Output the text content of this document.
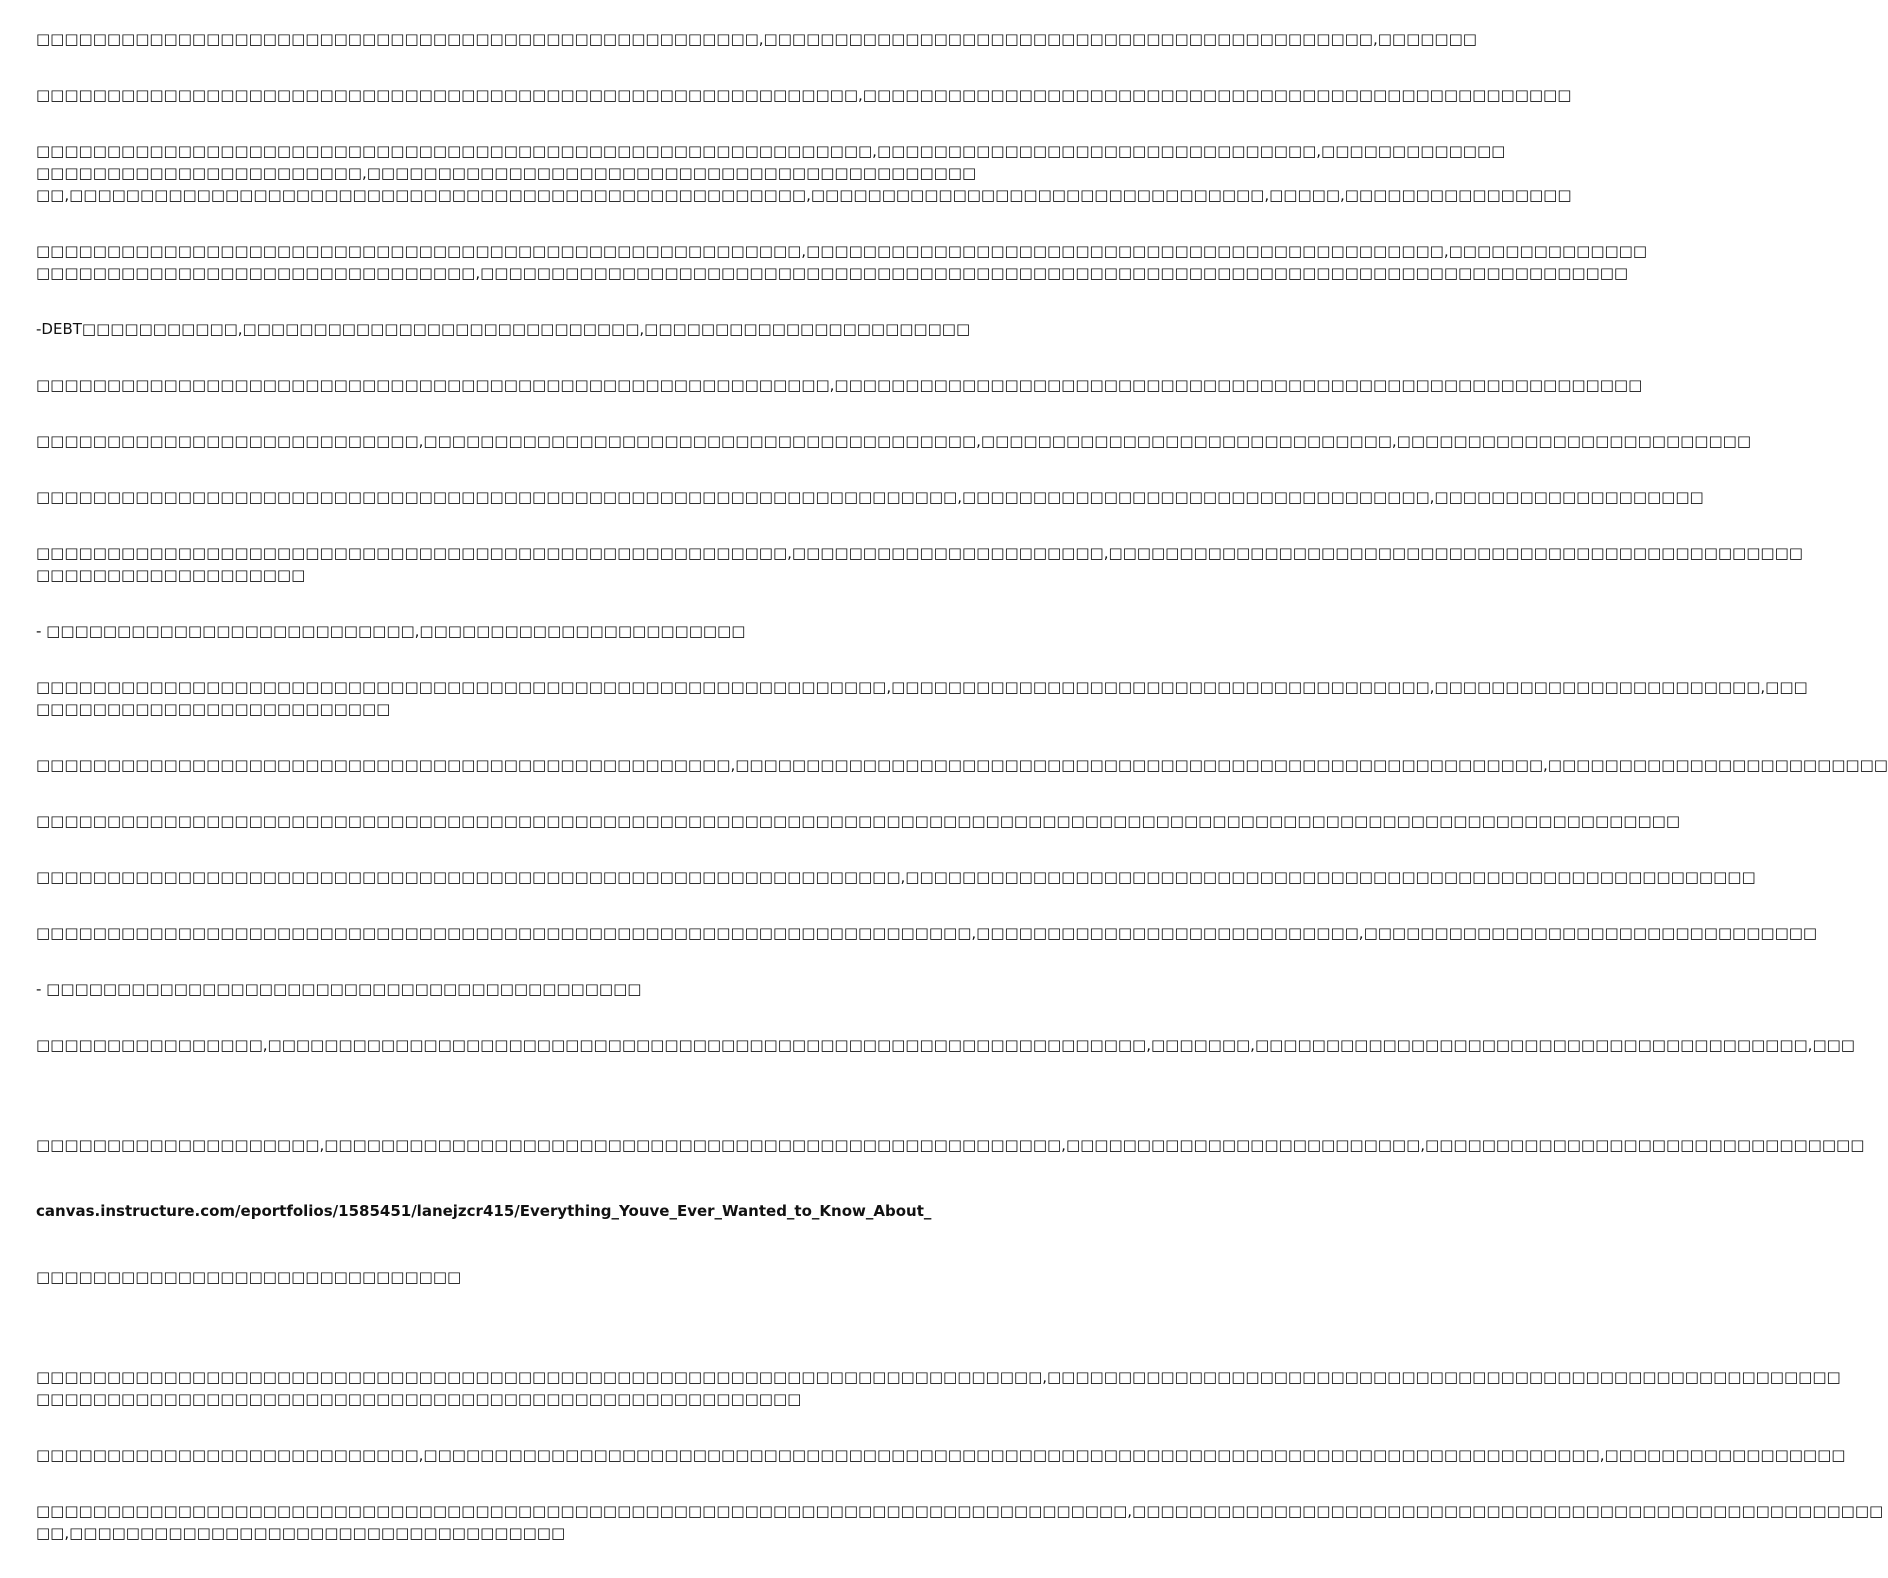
□□□□□□□□□□□□□□□□□□□□□□□□□□□□□□□□□□□□□□□□□□□□□□□□□□□,□□□□□□□□□□□□□□□□□□□□□□□□□□□□□□□□□□□□□□□□□□□,□□□□□□□
□□□□□□□□□□□□□□□□□□□□□□□□□□□□□□□□□□□□□□□□□□□□□□□□□□□□□□□□□□,□□□□□□□□□□□□□□□□□□□□□□□□□□□□□□□□□□□□□□□□□□□□□□□□□□
□□□□□□□□□□□□□□□□□□□□□□□□□□□□□□□□□□□□□□□□□□□□□□□□□□□□□□□□□□□,□□□□□□□□□□□□□□□□□□□□□□□□□□□□□□□,□□□□□□□□□□□□□
□□□□□□□□□□□□□□□□□□□□□□□,□□□□□□□□□□□□□□□□□□□□□□□□□□□□□□□□□□□□□□□□□□□
□□,□□□□□□□□□□□□□□□□□□□□□□□□□□□□□□□□□□□□□□□□□□□□□□□□□□□□,□□□□□□□□□□□□□□□□□□□□□□□□□□□□□□□□,□□□□□,□□□□□□□□□□□□□□□□
□□□□□□□□□□□□□□□□□□□□□□□□□□□□□□□□□□□□□□□□□□□□□□□□□□□□□□,□□□□□□□□□□□□□□□□□□□□□□□□□□□□□□□□□□□□□□□□□□□□□,□□□□□□□□□□□□□□
□□□□□□□□□□□□□□□□□□□□□□□□□□□□□□□,□□□□□□□□□□□□□□□□□□□□□□□□□□□□□□□□□□□□□□□□□□□□□□□□□□□□□□□□□□□□□□□□□□□□□□□□□□□□□□□□□
-DEBT□□□□□□□□□□□,□□□□□□□□□□□□□□□□□□□□□□□□□□□□,□□□□□□□□□□□□□□□□□□□□□□□
□□□□□□□□□□□□□□□□□□□□□□□□□□□□□□□□□□□□□□□□□□□□□□□□□□□□□□□□,□□□□□□□□□□□□□□□□□□□□□□□□□□□□□□□□□□□□□□□□□□□□□□□□□□□□□□□□□
□□□□□□□□□□□□□□□□□□□□□□□□□□□,□□□□□□□□□□□□□□□□□□□□□□□□□□□□□□□□□□□□□□□,□□□□□□□□□□□□□□□□□□□□□□□□□□□□□,□□□□□□□□□□□□□□□□□□□□□□□□□
□□□□□□□□□□□□□□□□□□□□□□□□□□□□□□□□□□□□□□□□□□□□□□□□□□□□□□□□□□□□□□□□□,□□□□□□□□□□□□□□□□□□□□□□□□□□□□□□□□□,□□□□□□□□□□□□□□□□□□□
□□□□□□□□□□□□□□□□□□□□□□□□□□□□□□□□□□□□□□□□□□□□□□□□□□□□□,□□□□□□□□□□□□□□□□□□□□□□,□□□□□□□□□□□□□□□□□□□□□□□□□□□□□□□□□□□□□□□□□□□□□□□□□
□□□□□□□□□□□□□□□□□□□
- □□□□□□□□□□□□□□□□□□□□□□□□□□,□□□□□□□□□□□□□□□□□□□□□□□
□□□□□□□□□□□□□□□□□□□□□□□□□□□□□□□□□□□□□□□□□□□□□□□□□□□□□□□□□□□□,□□□□□□□□□□□□□□□□□□□□□□□□□□□□□□□□□□□□□□,□□□□□□□□□□□□□□□□□□□□□□□,□□□
□□□□□□□□□□□□□□□□□□□□□□□□□
□□□□□□□□□□□□□□□□□□□□□□□□□□□□□□□□□□□□□□□□□□□□□□□□□,□□□□□□□□□□□□□□□□□□□□□□□□□□□□□□□□□□□□□□□□□□□□□□□□□□□□□□□□□,□□□□□□□□□□□□□□□□□□□□□□□□
□□□□□□□□□□□□□□□□□□□□□□□□□□□□□□□□□□□□□□□□□□□□□□□□□□□□□□□□□□□□□□□□□□□□□□□□□□□□□□□□□□□□□□□□□□□□□□□□□□□□□□□□□□□□□□□□□□□□
□□□□□□□□□□□□□□□□□□□□□□□□□□□□□□□□□□□□□□□□□□□□□□□□□□□□□□□□□□□□□,□□□□□□□□□□□□□□□□□□□□□□□□□□□□□□□□□□□□□□□□□□□□□□□□□□□□□□□□□□□□
□□□□□□□□□□□□□□□□□□□□□□□□□□□□□□□□□□□□□□□□□□□□□□□□□□□□□□□□□□□□□□□□□□,□□□□□□□□□□□□□□□□□□□□□□□□□□□,□□□□□□□□□□□□□□□□□□□□□□□□□□□□□□□□
- □□□□□□□□□□□□□□□□□□□□□□□□□□□□□□□□□□□□□□□□□□
□□□□□□□□□□□□□□□□,□□□□□□□□□□□□□□□□□□□□□□□□□□□□□□□□□□□□□□□□□□□□□□□□□□□□□□□□□□□□□□,□□□□□□□,□□□□□□□□□□□□□□□□□□□□□□□□□□□□□□□□□□□□□□□,□□□

□□□□□□□□□□□□□□□□□□□□,□□□□□□□□□□□□□□□□□□□□□□□□□□□□□□□□□□□□□□□□□□□□□□□□□□□□,□□□□□□□□□□□□□□□□□□□□□□□□□,□□□□□□□□□□□□□□□□□□□□□□□□□□□□□□□

canvas.instructure.com/eportfolios/1585451/lanejzcr415/Everything_Youve_Ever_Wanted_to_Know_About_

□□□□□□□□□□□□□□□□□□□□□□□□□□□□□□

□□□□□□□□□□□□□□□□□□□□□□□□□□□□□□□□□□□□□□□□□□□□□□□□□□□□□□□□□□□□□□□□□□□□□□□,□□□□□□□□□□□□□□□□□□□□□□□□□□□□□□□□□□□□□□□□□□□□□□□□□□□□□□□□
□□□□□□□□□□□□□□□□□□□□□□□□□□□□□□□□□□□□□□□□□□□□□□□□□□□□□□
□□□□□□□□□□□□□□□□□□□□□□□□□□□,□□□□□□□□□□□□□□□□□□□□□□□□□□□□□□□□□□□□□□□□□□□□□□□□□□□□□□□□□□□□□□□□□□□□□□□□□□□□□□□□□□□,□□□□□□□□□□□□□□□□□
□□□□□□□□□□□□□□□□□□□□□□□□□□□□□□□□□□□□□□□□□□□□□□□□□□□□□□□□□□□□□□□□□□□□□□□□□□□□□,□□□□□□□□□□□□□□□□□□□□□□□□□□□□□□□□□□□□□□□□□□□□□□□□□□□□□
□□,□□□□□□□□□□□□□□□□□□□□□□□□□□□□□□□□□□□
